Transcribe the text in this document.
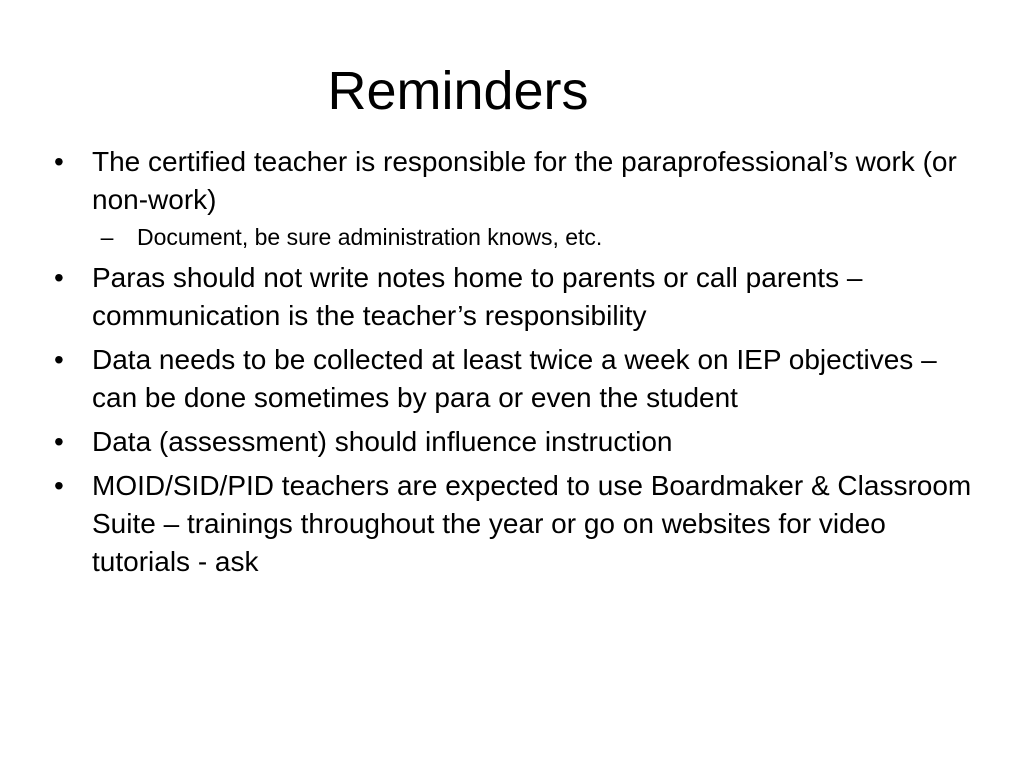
Reminders
•	The certified teacher is responsible for the paraprofessional’s work (or non-work)
–	Document, be sure administration knows, etc.
•	Paras should not write notes home to parents or call parents – communication is the teacher’s responsibility
•	Data needs to be collected at least twice a week on IEP objectives – can be done sometimes by para or even the student
•	Data (assessment) should influence instruction
•	MOID/SID/PID teachers are expected to use Boardmaker & Classroom Suite – trainings throughout the year or go on websites for video tutorials - ask
